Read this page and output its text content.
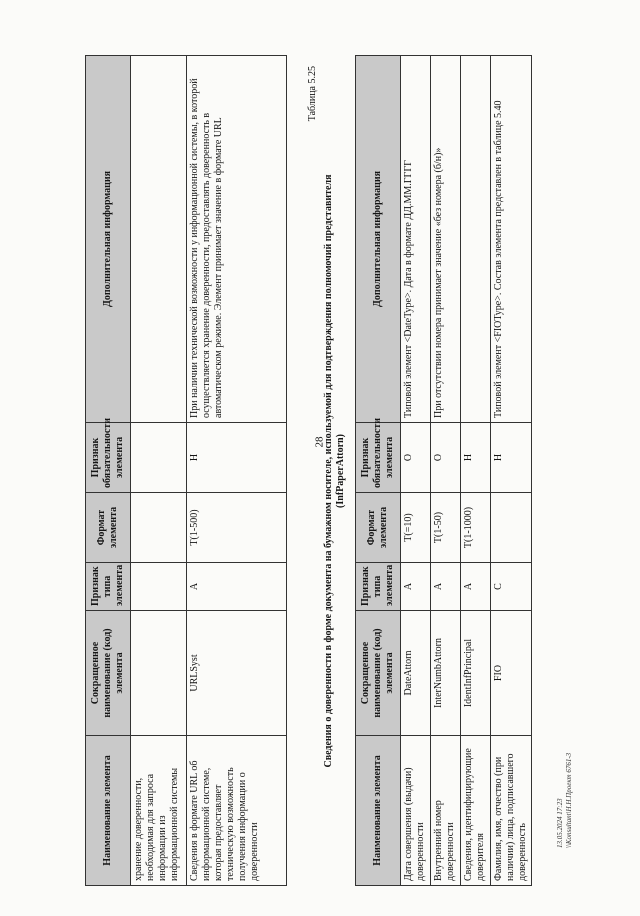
28
13.05.2024 17:23 \\Konsultant\Н.Н.Проект 6761-3
Наименование элемента	Сокращенное наименование (код) элемента	Признак типа элемента	Формат элемента	Признак обязательности элемента	Дополнительная информация
хранение доверенности, необходимая для запроса информации из информационной системы					
Сведения в формате URL об информационной системе, которая предоставляет техническую возможность получения информации о доверенности	URLSyst	А	T(1-500)	Н	При наличии технической возможности у информационной системы, в которой осуществляется хранение доверенности, предоставлять доверенность в автоматическом режиме. Элемент принимает значение в формате URL
Таблица 5.25
Сведения о доверенности в форме документа на бумажном носителе, используемой для подтверждения полномочий представителя (InfPaperAttorn)
Наименование элемента	Сокращенное наименование (код) элемента	Признак типа элемента	Формат элемента	Признак обязательности элемента	Дополнительная информация
Дата совершения (выдачи) доверенности	DateAttorn	А	T(=10)	О	Типовой элемент <DateType>. Дата в формате ДД.ММ.ГГГГ
Внутренний номер доверенности	InterNumbAttorn	А	T(1-50)	О	При отсутствии номера принимает значение «без номера (б/н)»
Сведения, идентифицирующие доверителя	IdentInfPrincipal	А	T(1-1000)	Н	
Фамилия, имя, отчество (при наличии) лица, подписавшего доверенность	FIO	С		Н	Типовой элемент <FIOType>. Состав элемента представлен в таблице 5.40
